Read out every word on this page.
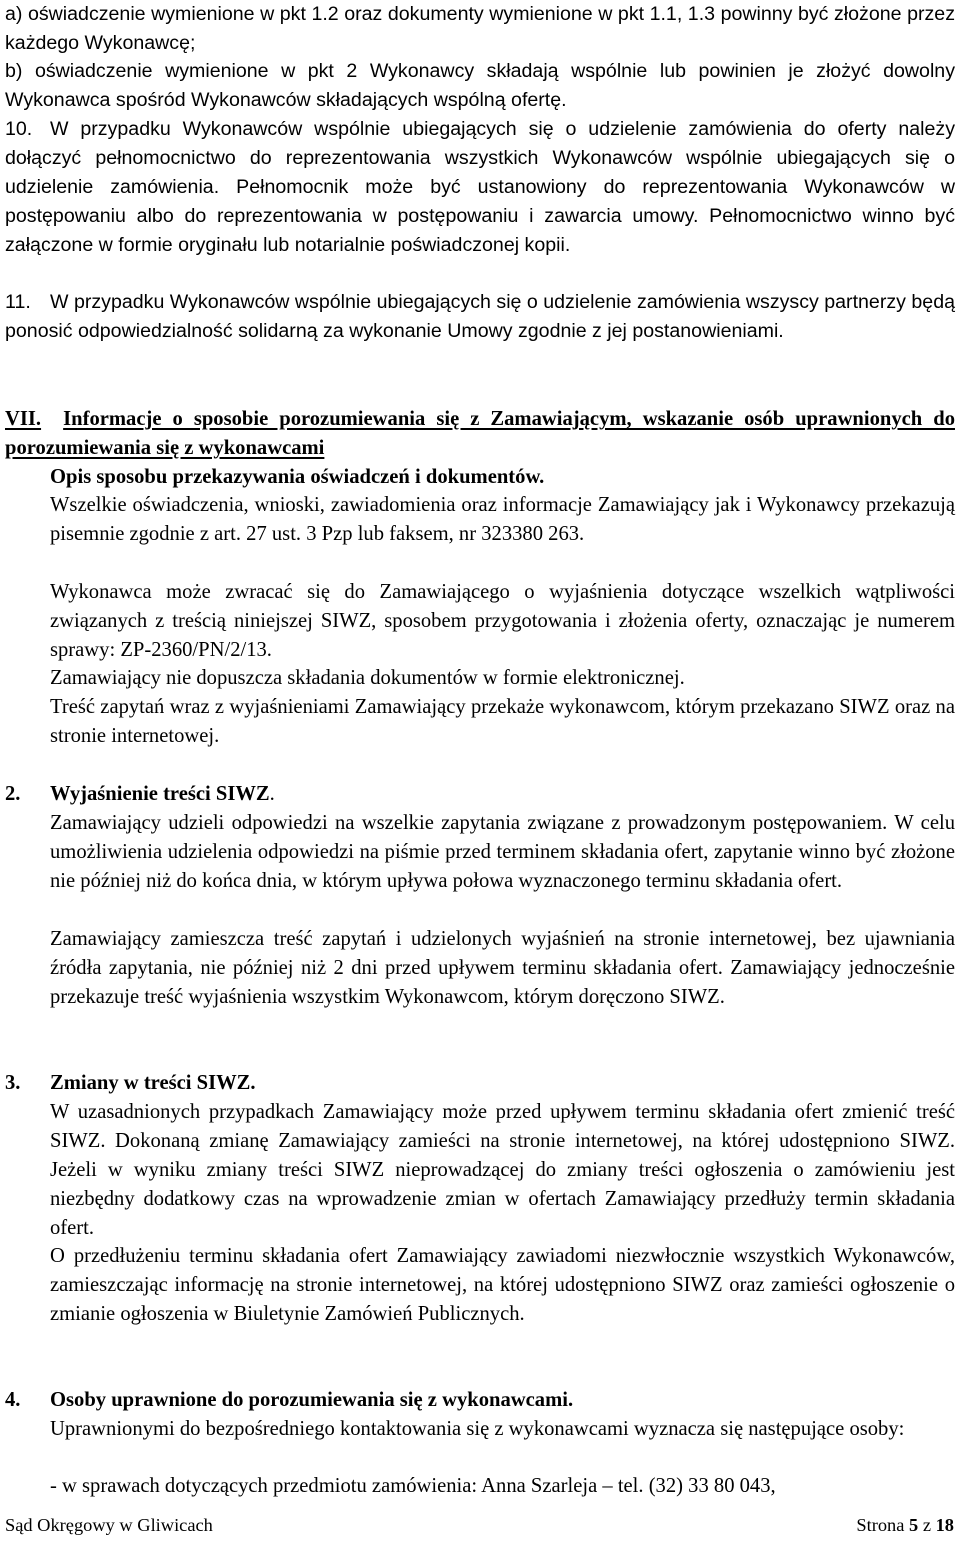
a) oświadczenie wymienione w pkt 1.2 oraz dokumenty wymienione w pkt 1.1, 1.3 powinny być złożone przez każdego Wykonawcę;

b) oświadczenie wymienione w pkt 2 Wykonawcy składają wspólnie lub powinien je złożyć dowolny Wykonawca spośród Wykonawców składających wspólną ofertę.

10. W przypadku Wykonawców wspólnie ubiegających się o udzielenie zamówienia do oferty należy dołączyć pełnomocnictwo do reprezentowania wszystkich Wykonawców wspólnie ubiegających się o udzielenie zamówienia. Pełnomocnik może być ustanowiony do reprezentowania Wykonawców w postępowaniu albo do reprezentowania w postępowaniu i zawarcia umowy. Pełnomocnictwo winno być załączone w formie oryginału lub notarialnie poświadczonej kopii.

11. W przypadku Wykonawców wspólnie ubiegających się o udzielenie zamówienia wszyscy partnerzy będą ponosić odpowiedzialność solidarną za wykonanie Umowy zgodnie z jej postanowieniami.

VII. Informacje o sposobie porozumiewania się z Zamawiającym, wskazanie osób uprawnionych do porozumiewania się z wykonawcami

Opis sposobu przekazywania oświadczeń i dokumentów.

Wszelkie oświadczenia, wnioski, zawiadomienia oraz informacje Zamawiający jak i Wykonawcy przekazują pisemnie zgodnie z art. 27 ust. 3 Pzp lub faksem, nr 323380 263.

Wykonawca może zwracać się do Zamawiającego o wyjaśnienia dotyczące wszelkich wątpliwości związanych z treścią niniejszej SIWZ, sposobem przygotowania i złożenia oferty, oznaczając je numerem sprawy: ZP-2360/PN/2/13.

Zamawiający nie dopuszcza składania dokumentów w formie elektronicznej.

Treść zapytań wraz z wyjaśnieniami Zamawiający przekaże wykonawcom, którym przekazano SIWZ oraz na stronie internetowej.

2. Wyjaśnienie treści SIWZ.

Zamawiający udzieli odpowiedzi na wszelkie zapytania związane z prowadzonym postępowaniem. W celu umożliwienia udzielenia odpowiedzi na piśmie przed terminem składania ofert, zapytanie winno być złożone nie później niż do końca dnia, w którym upływa połowa wyznaczonego terminu składania ofert.

Zamawiający zamieszcza treść zapytań i udzielonych wyjaśnień na stronie internetowej, bez ujawniania źródła zapytania, nie później niż 2 dni przed upływem terminu składania ofert. Zamawiający jednocześnie przekazuje treść wyjaśnienia wszystkim Wykonawcom, którym doręczono SIWZ.

3. Zmiany w treści SIWZ.

W uzasadnionych przypadkach Zamawiający może przed upływem terminu składania ofert zmienić treść SIWZ. Dokonaną zmianę Zamawiający zamieści na stronie internetowej, na której udostępniono SIWZ. Jeżeli w wyniku zmiany treści SIWZ nieprowadzącej do zmiany treści ogłoszenia o zamówieniu jest niezbędny dodatkowy czas na wprowadzenie zmian w ofertach Zamawiający przedłuży termin składania ofert.

O przedłużeniu terminu składania ofert Zamawiający zawiadomi niezwłocznie wszystkich Wykonawców, zamieszczając informację na stronie internetowej, na której udostępniono SIWZ oraz zamieści ogłoszenie o zmianie ogłoszenia w Biuletynie Zamówień Publicznych.

4. Osoby uprawnione do porozumiewania się z wykonawcami.

Uprawnionymi do bezpośredniego kontaktowania się z wykonawcami wyznacza się następujące osoby:

- w sprawach dotyczących przedmiotu zamówienia: Anna Szarleja – tel. (32) 33 80 043,

Sąd Okręgowy w Gliwicach	Strona 5 z 18
